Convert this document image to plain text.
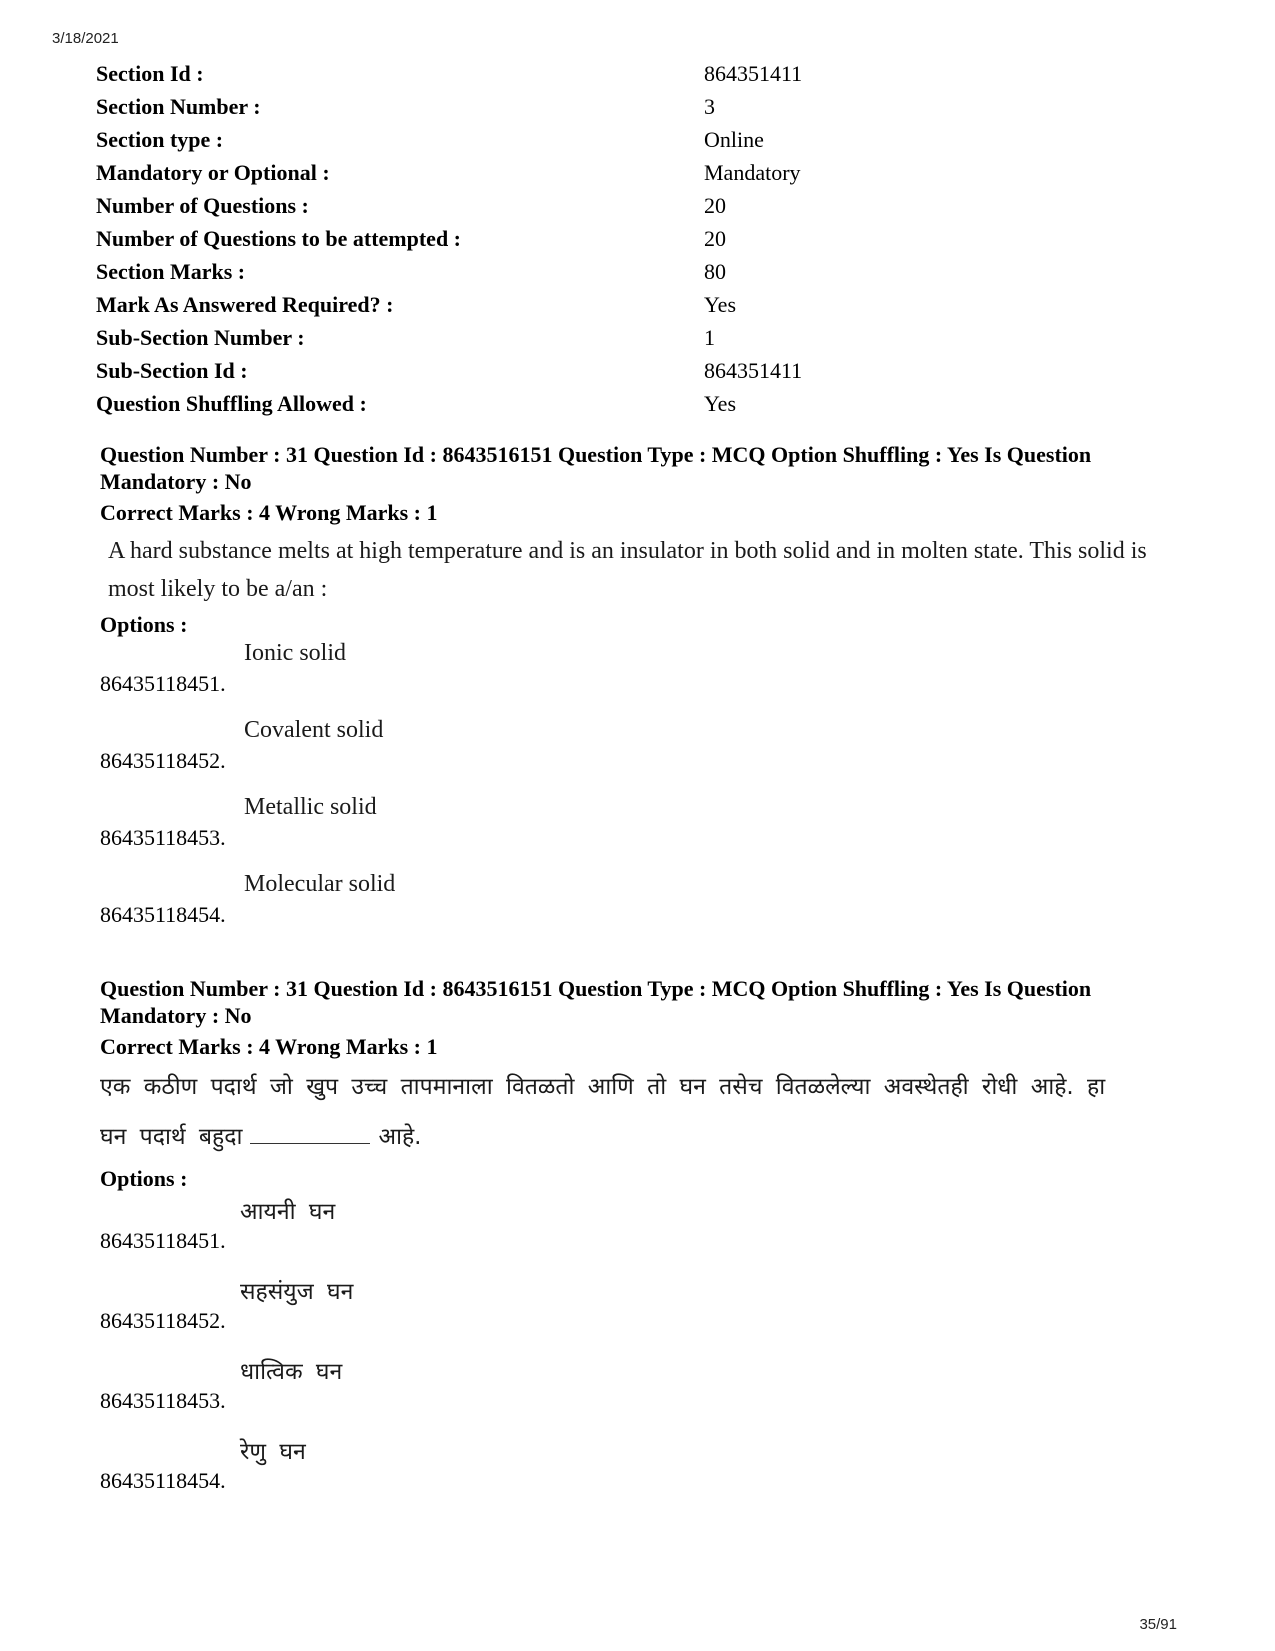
3/18/2021
Section Id :	864351411
Section Number :	3
Section type :	Online
Mandatory or Optional :	Mandatory
Number of Questions :	20
Number of Questions to be attempted :	20
Section Marks :	80
Mark As Answered Required? :	Yes
Sub-Section Number :	1
Sub-Section Id :	864351411
Question Shuffling Allowed :	Yes
Question Number : 31 Question Id : 8643516151 Question Type : MCQ Option Shuffling : Yes Is Question Mandatory : No
Correct Marks : 4 Wrong Marks : 1
A hard substance melts at high temperature and is an insulator in both solid and in molten state. This solid is most likely to be a/an :
Options :
86435118451.
Ionic solid
86435118452.
Covalent solid
86435118453.
Metallic solid
86435118454.
Molecular solid
Question Number : 31 Question Id : 8643516151 Question Type : MCQ Option Shuffling : Yes Is Question Mandatory : No
Correct Marks : 4 Wrong Marks : 1
एक कठीण पदार्थ जो खुप उच्च तापमानाला वितळतो आणि तो घन तसेच वितळलेल्या अवस्थेतही रोधी आहे. हा
घन पदार्थ बहुदा	आहे.
Options :
86435118451.
आयनी घन
86435118452.
सहसंयुज घन
86435118453.
धात्विक घन
86435118454.
रेणु घन
35/91
